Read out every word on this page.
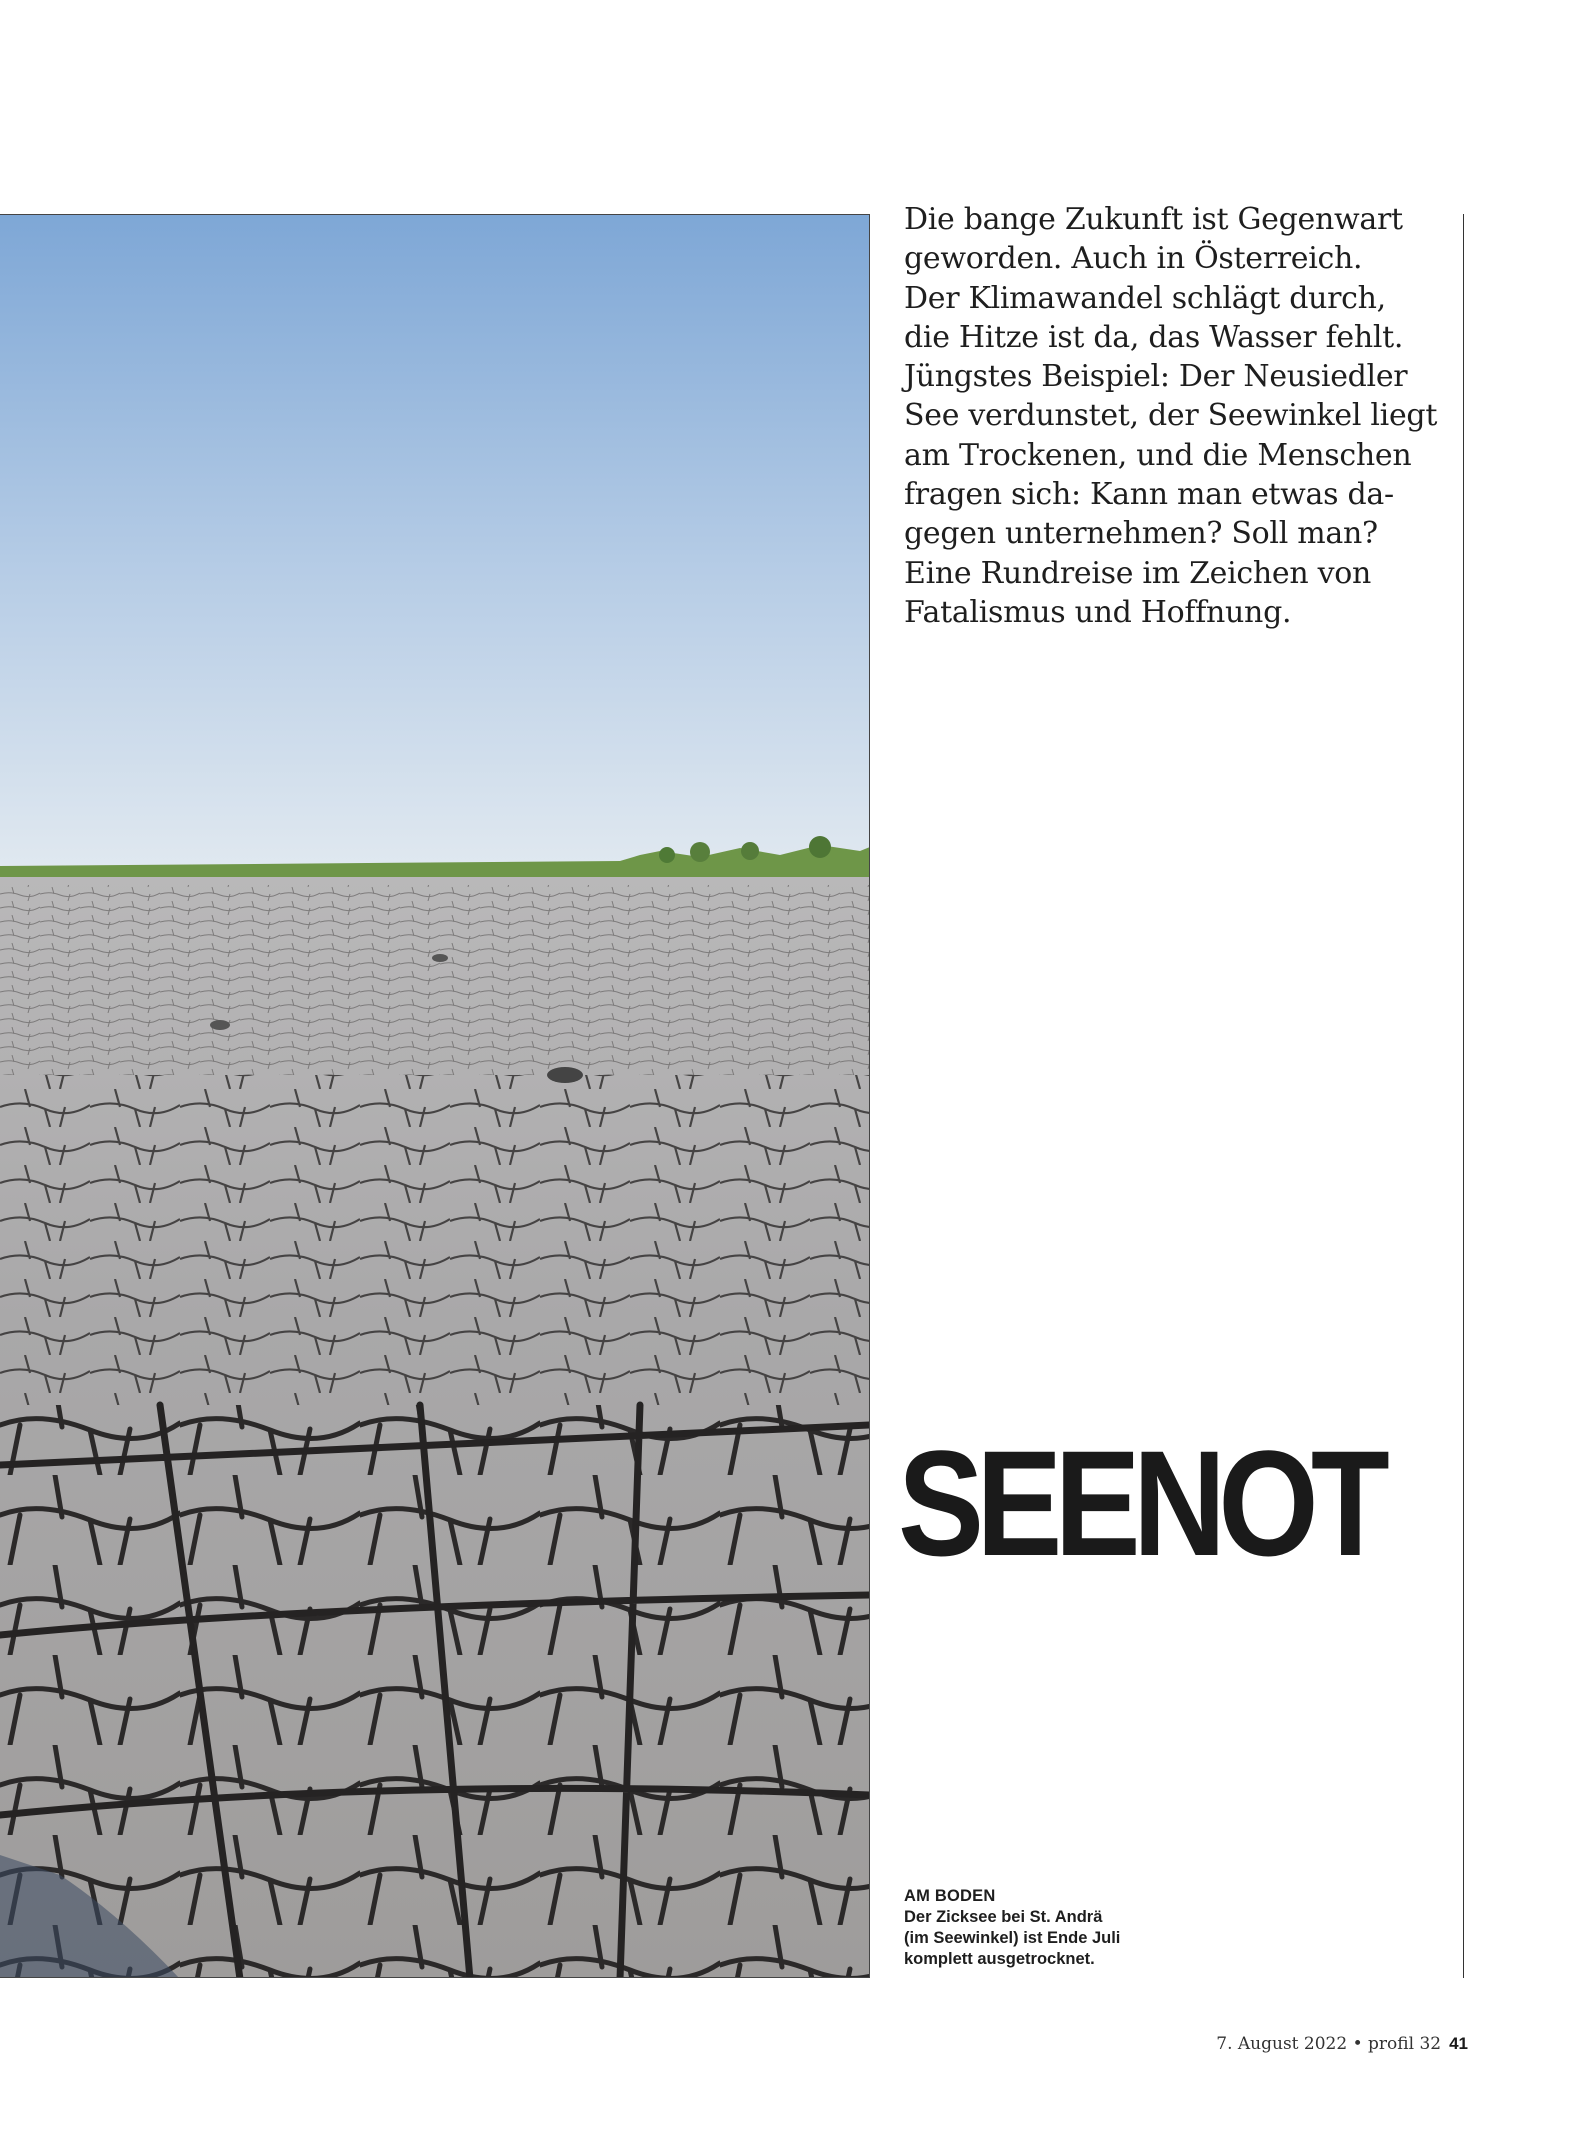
Die bange Zukunft ist Gegenwart
geworden. Auch in Österreich.
Der Klimawandel schlägt durch,
die Hitze ist da, das Wasser fehlt.
Jüngstes Beispiel: Der Neusiedler
See verdunstet, der Seewinkel liegt
am Trockenen, und die Menschen
fragen sich: Kann man etwas da-
gegen unternehmen? Soll man?
Eine Rundreise im Zeichen von
Fatalismus und Hoffnung.
SEENOT
AM BODEN
Der Zicksee bei St. Andrä
(im Seewinkel) ist Ende Juli
komplett ausgetrocknet.
7. August 2022 • profil 32 41
